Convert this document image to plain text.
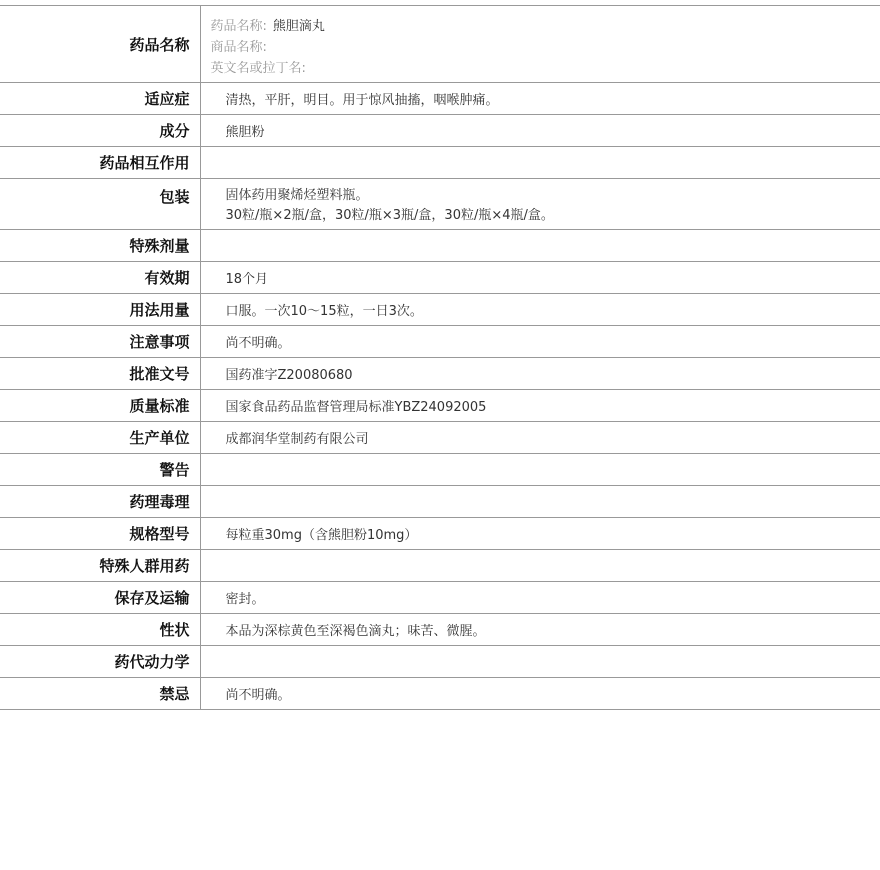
药品名称	药品名称: 熊胆滴丸
商品名称:
英文名或拉丁名:

适应症	清热，平肝，明目。用于惊风抽搐，咽喉肿痛。
成分	熊胆粉
药品相互作用	
包装	固体药用聚烯烃塑料瓶。
30粒/瓶×2瓶/盒，30粒/瓶×3瓶/盒，30粒/瓶×4瓶/盒。

特殊剂量	
有效期	18个月
用法用量	口服。一次10～15粒，一日3次。
注意事项	尚不明确。
批准文号	国药准字Z20080680
质量标准	国家食品药品监督管理局标准YBZ24092005
生产单位	成都润华堂制药有限公司
警告	
药理毒理	
规格型号	每粒重30mg（含熊胆粉10mg）
特殊人群用药	
保存及运输	密封。
性状	本品为深棕黄色至深褐色滴丸；味苦、微腥。
药代动力学	
禁忌	尚不明确。
